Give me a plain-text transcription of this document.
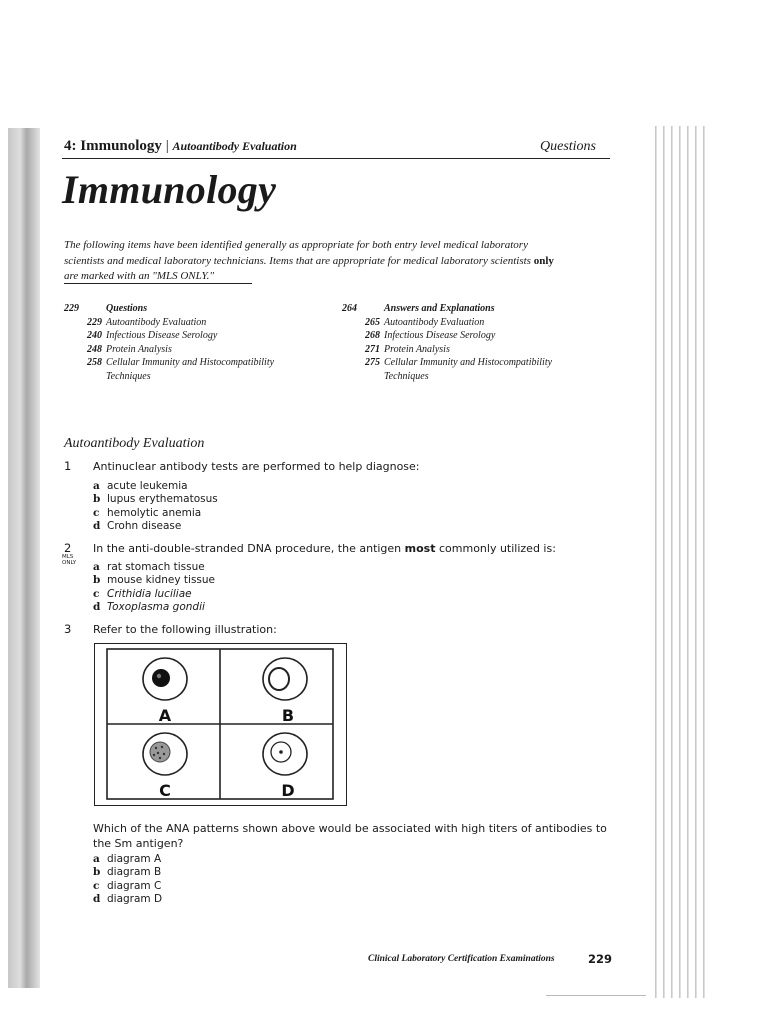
4: Immunology | Autoantibody Evaluation	Questions
Immunology
The following items have been identified generally as appropriate for both entry level medical laboratory
scientists and medical laboratory technicians. Items that are appropriate for medical laboratory scientists only
are marked with an "MLS ONLY."
229	Questions
229 Autoantibody Evaluation
240 Infectious Disease Serology
248 Protein Analysis
258 Cellular Immunity and Histocompatibility
Techniques
264	Answers and Explanations
265 Autoantibody Evaluation
268 Infectious Disease Serology
271 Protein Analysis
275 Cellular Immunity and Histocompatibility
Techniques
Autoantibody Evaluation
1 Antinuclear antibody tests are performed to help diagnose:
a acute leukemia
b lupus erythematosus
c hemolytic anemia
d Crohn disease
2
MLS ONLY
In the anti-double-stranded DNA procedure, the antigen most commonly utilized is:
a rat stomach tissue
b mouse kidney tissue
c Crithidia luciliae
d Toxoplasma gondii
3 Refer to the following illustration:
A	B
C	D
Which of the ANA patterns shown above would be associated with high titers of antibodies to
the Sm antigen?
a diagram A
b diagram B
c diagram C
d diagram D
Clinical Laboratory Certification Examinations	229
